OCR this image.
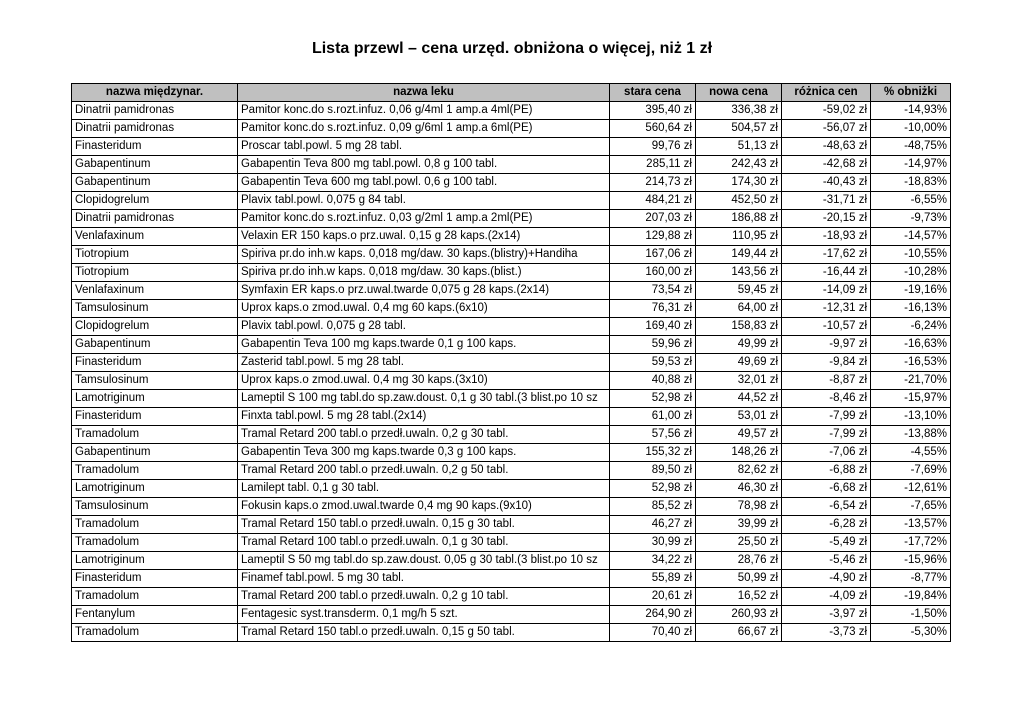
Lista przewl – cena urzęd. obniżona o więcej, niż 1 zł
nazwa międzynar.	nazwa leku	stara cena	nowa cena	różnica cen	% obniżki
Dinatrii pamidronas	Pamitor konc.do s.rozt.infuz. 0,06 g/4ml 1 amp.a 4ml(PE)	395,40 zł	336,38 zł	-59,02 zł	-14,93%
Dinatrii pamidronas	Pamitor konc.do s.rozt.infuz. 0,09 g/6ml 1 amp.a 6ml(PE)	560,64 zł	504,57 zł	-56,07 zł	-10,00%
Finasteridum	Proscar tabl.powl. 5 mg 28 tabl.	99,76 zł	51,13 zł	-48,63 zł	-48,75%
Gabapentinum	Gabapentin Teva 800 mg tabl.powl. 0,8 g 100 tabl.	285,11 zł	242,43 zł	-42,68 zł	-14,97%
Gabapentinum	Gabapentin Teva 600 mg tabl.powl. 0,6 g 100 tabl.	214,73 zł	174,30 zł	-40,43 zł	-18,83%
Clopidogrelum	Plavix tabl.powl. 0,075 g 84 tabl.	484,21 zł	452,50 zł	-31,71 zł	-6,55%
Dinatrii pamidronas	Pamitor konc.do s.rozt.infuz. 0,03 g/2ml 1 amp.a 2ml(PE)	207,03 zł	186,88 zł	-20,15 zł	-9,73%
Venlafaxinum	Velaxin ER 150 kaps.o prz.uwal. 0,15 g 28 kaps.(2x14)	129,88 zł	110,95 zł	-18,93 zł	-14,57%
Tiotropium	Spiriva pr.do inh.w kaps. 0,018 mg/daw. 30 kaps.(blistry)+Handiha	167,06 zł	149,44 zł	-17,62 zł	-10,55%
Tiotropium	Spiriva pr.do inh.w kaps. 0,018 mg/daw. 30 kaps.(blist.)	160,00 zł	143,56 zł	-16,44 zł	-10,28%
Venlafaxinum	Symfaxin ER kaps.o prz.uwal.twarde 0,075 g 28 kaps.(2x14)	73,54 zł	59,45 zł	-14,09 zł	-19,16%
Tamsulosinum	Uprox kaps.o zmod.uwal. 0,4 mg 60 kaps.(6x10)	76,31 zł	64,00 zł	-12,31 zł	-16,13%
Clopidogrelum	Plavix tabl.powl. 0,075 g 28 tabl.	169,40 zł	158,83 zł	-10,57 zł	-6,24%
Gabapentinum	Gabapentin Teva 100 mg kaps.twarde 0,1 g 100 kaps.	59,96 zł	49,99 zł	-9,97 zł	-16,63%
Finasteridum	Zasterid tabl.powl. 5 mg 28 tabl.	59,53 zł	49,69 zł	-9,84 zł	-16,53%
Tamsulosinum	Uprox kaps.o zmod.uwal. 0,4 mg 30 kaps.(3x10)	40,88 zł	32,01 zł	-8,87 zł	-21,70%
Lamotriginum	Lameptil S 100 mg tabl.do sp.zaw.doust. 0,1 g 30 tabl.(3 blist.po 10 sz	52,98 zł	44,52 zł	-8,46 zł	-15,97%
Finasteridum	Finxta tabl.powl. 5 mg 28 tabl.(2x14)	61,00 zł	53,01 zł	-7,99 zł	-13,10%
Tramadolum	Tramal Retard 200 tabl.o przedł.uwaln. 0,2 g 30 tabl.	57,56 zł	49,57 zł	-7,99 zł	-13,88%
Gabapentinum	Gabapentin Teva 300 mg kaps.twarde 0,3 g 100 kaps.	155,32 zł	148,26 zł	-7,06 zł	-4,55%
Tramadolum	Tramal Retard 200 tabl.o przedł.uwaln. 0,2 g 50 tabl.	89,50 zł	82,62 zł	-6,88 zł	-7,69%
Lamotriginum	Lamilept tabl. 0,1 g 30 tabl.	52,98 zł	46,30 zł	-6,68 zł	-12,61%
Tamsulosinum	Fokusin kaps.o zmod.uwal.twarde 0,4 mg 90 kaps.(9x10)	85,52 zł	78,98 zł	-6,54 zł	-7,65%
Tramadolum	Tramal Retard 150 tabl.o przedł.uwaln. 0,15 g 30 tabl.	46,27 zł	39,99 zł	-6,28 zł	-13,57%
Tramadolum	Tramal Retard 100 tabl.o przedł.uwaln. 0,1 g 30 tabl.	30,99 zł	25,50 zł	-5,49 zł	-17,72%
Lamotriginum	Lameptil S 50 mg tabl.do sp.zaw.doust. 0,05 g 30 tabl.(3 blist.po 10 sz	34,22 zł	28,76 zł	-5,46 zł	-15,96%
Finasteridum	Finamef tabl.powl. 5 mg 30 tabl.	55,89 zł	50,99 zł	-4,90 zł	-8,77%
Tramadolum	Tramal Retard 200 tabl.o przedł.uwaln. 0,2 g 10 tabl.	20,61 zł	16,52 zł	-4,09 zł	-19,84%
Fentanylum	Fentagesic syst.transderm. 0,1 mg/h 5 szt.	264,90 zł	260,93 zł	-3,97 zł	-1,50%
Tramadolum	Tramal Retard 150 tabl.o przedł.uwaln. 0,15 g 50 tabl.	70,40 zł	66,67 zł	-3,73 zł	-5,30%
